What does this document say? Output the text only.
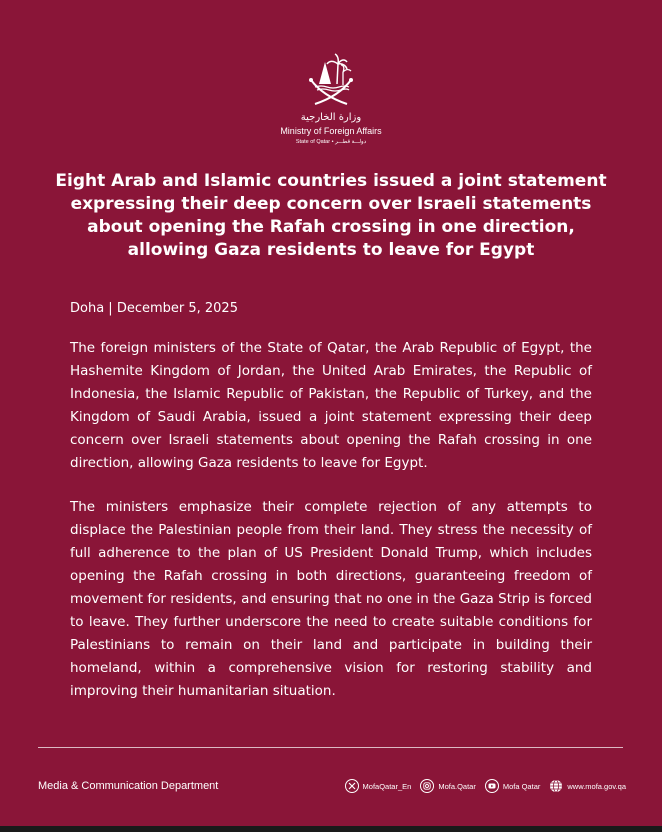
وزارة الخارجية
Ministry of Foreign Affairs
State of Qatar • دولـــة قطـــر
Eight Arab and Islamic countries issued a joint statement expressing their deep concern over Israeli statements about opening the Rafah crossing in one direction, allowing Gaza residents to leave for Egypt
Doha | December 5, 2025
The foreign ministers of the State of Qatar, the Arab Republic of Egypt, the Hashemite Kingdom of Jordan, the United Arab Emirates, the Republic of Indonesia, the Islamic Republic of Pakistan, the Republic of Turkey, and the Kingdom of Saudi Arabia, issued a joint statement expressing their deep concern over Israeli statements about opening the Rafah crossing in one direction, allowing Gaza residents to leave for Egypt.
The ministers emphasize their complete rejection of any attempts to displace the Palestinian people from their land. They stress the necessity of full adherence to the plan of US President Donald Trump, which includes opening the Rafah crossing in both directions, guaranteeing freedom of movement for residents, and ensuring that no one in the Gaza Strip is forced to leave. They further underscore the need to create suitable conditions for Palestinians to remain on their land and participate in building their homeland, within a comprehensive vision for restoring stability and improving their humanitarian situation.
Media & Communication Department	MofaQatar_En	Mofa.Qatar	Mofa Qatar	www.mofa.gov.qa
